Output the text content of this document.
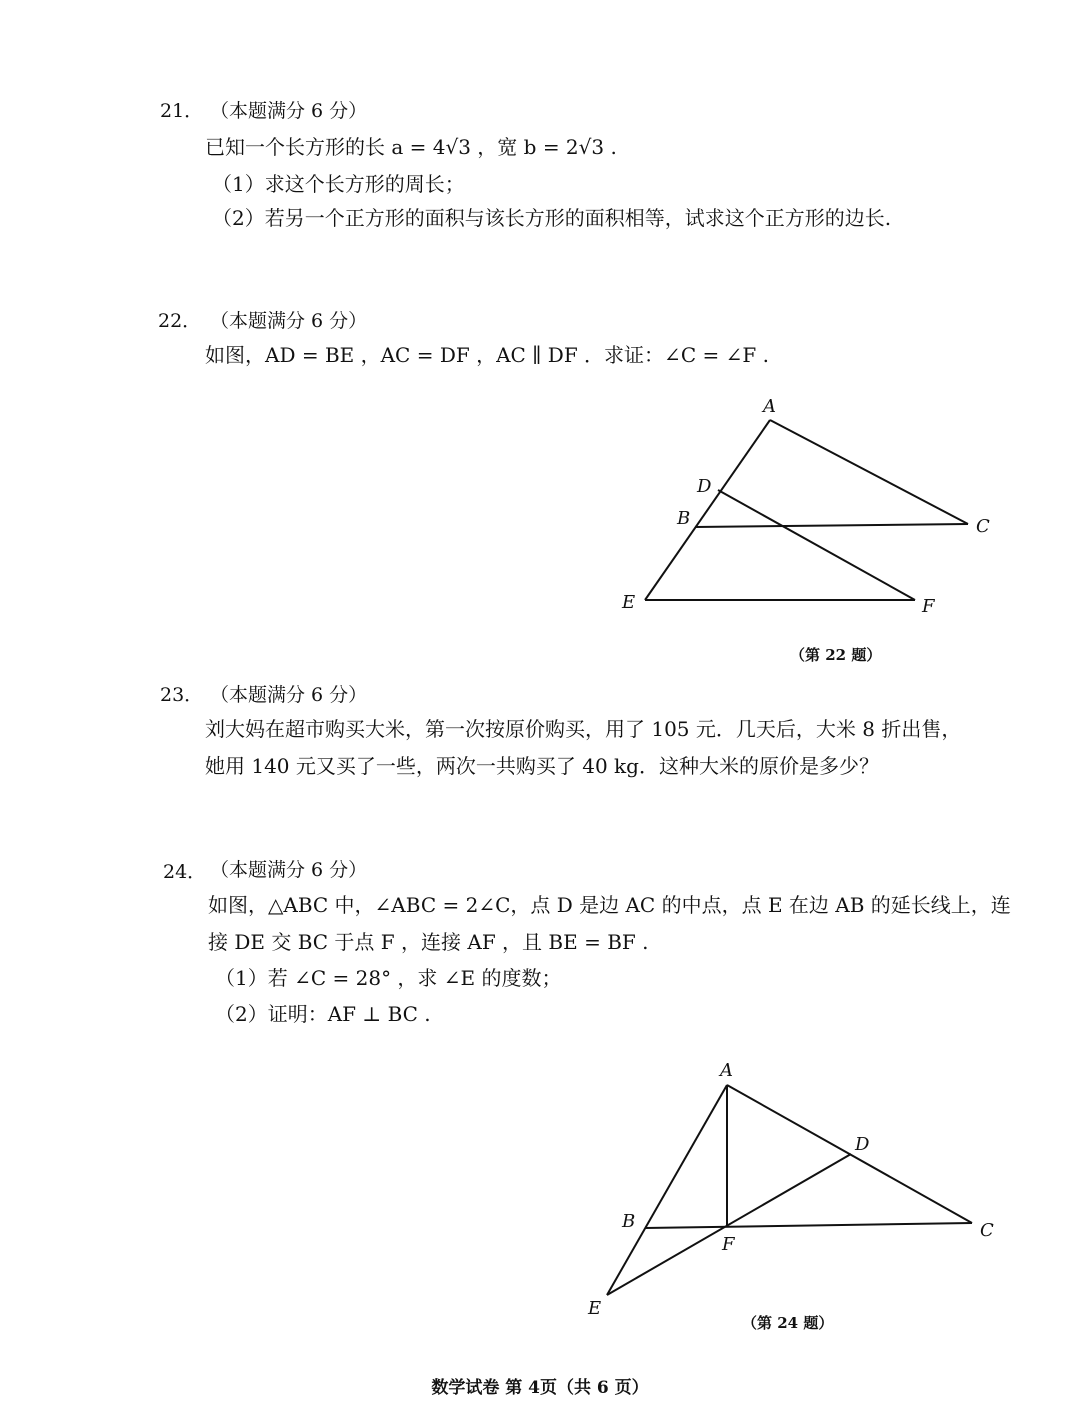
21． （本题满分 6 分）
已知一个长方形的长 a = 4√3 ，宽 b = 2√3 .
（1）求这个长方形的周长；
（2）若另一个正方形的面积与该长方形的面积相等，试求这个正方形的边长.
22． （本题满分 6 分）
如图，AD = BE ，AC = DF ，AC ∥ DF ．求证：∠C = ∠F .
A
D
B	C
E	F
（第 22 题）
23． （本题满分 6 分）
刘大妈在超市购买大米，第一次按原价购买，用了 105 元．几天后，大米 8 折出售，
她用 140 元又买了一些，两次一共购买了 40 kg．这种大米的原价是多少？
24． （本题满分 6 分）
如图，△ABC 中，∠ABC = 2∠C，点 D 是边 AC 的中点，点 E 在边 AB 的延长线上，连
接 DE 交 BC 于点 F ，连接 AF ，且 BE = BF .
（1）若 ∠C = 28° ，求 ∠E 的度数；
（2）证明：AF ⊥ BC .
A
D
B	C
F
E
（第 24 题）
数学试卷 第 4页（共 6 页）
